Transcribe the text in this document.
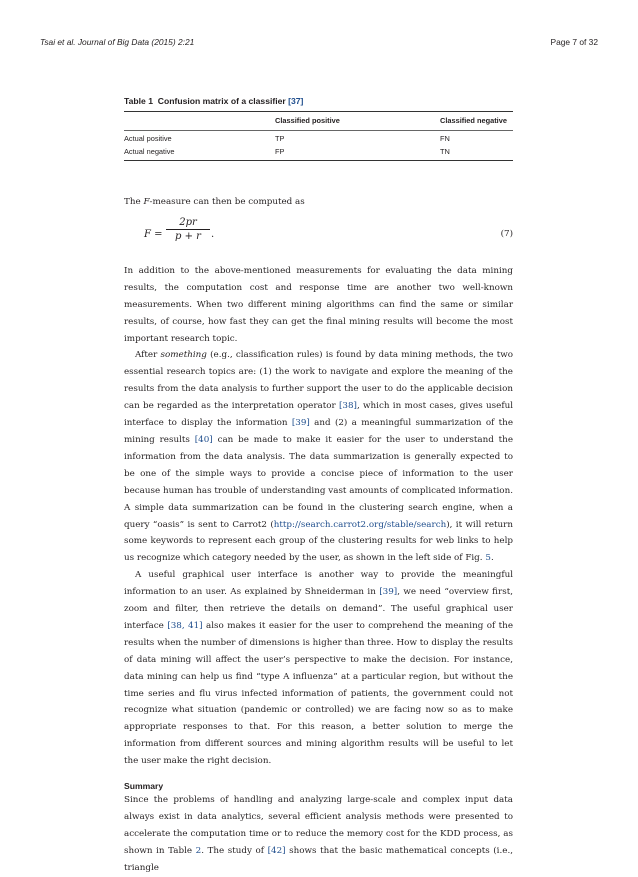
Tsai et al. Journal of Big Data (2015) 2:21	Page 7 of 32
Table 1 Confusion matrix of a classifier [37]
	Classified positive	Classified negative
Actual positive	TP	FN
Actual negative	FP	TN

The F-measure can then be computed as

$F = \frac{2pr}{p + r}$ .	(7)

In addition to the above-mentioned measurements for evaluating the data mining results, the computation cost and response time are another two well-known measurements. When two different mining algorithms can find the same or similar results, of course, how fast they can get the final mining results will become the most important research topic.

After something (e.g., classification rules) is found by data mining methods, the two essential research topics are: (1) the work to navigate and explore the meaning of the results from the data analysis to further support the user to do the applicable decision can be regarded as the interpretation operator [38], which in most cases, gives useful interface to display the information [39] and (2) a meaningful summarization of the mining results [40] can be made to make it easier for the user to understand the information from the data analysis. The data summarization is generally expected to be one of the simple ways to provide a concise piece of information to the user because human has trouble of understanding vast amounts of complicated information. A simple data summarization can be found in the clustering search engine, when a query “oasis” is sent to Carrot2 (http://search.carrot2.org/stable/search), it will return some keywords to represent each group of the clustering results for web links to help us recognize which category needed by the user, as shown in the left side of Fig. 5.

A useful graphical user interface is another way to provide the meaningful information to an user. As explained by Shneiderman in [39], we need “overview first, zoom and filter, then retrieve the details on demand”. The useful graphical user interface [38, 41] also makes it easier for the user to comprehend the meaning of the results when the number of dimensions is higher than three. How to display the results of data mining will affect the user’s perspective to make the decision. For instance, data mining can help us find “type A influenza” at a particular region, but without the time series and flu virus infected information of patients, the government could not recognize what situation (pandemic or controlled) we are facing now so as to make appropriate responses to that. For this reason, a better solution to merge the information from different sources and mining algorithm results will be useful to let the user make the right decision.

Summary

Since the problems of handling and analyzing large-scale and complex input data always exist in data analytics, several efficient analysis methods were presented to accelerate the computation time or to reduce the memory cost for the KDD process, as shown in Table 2. The study of [42] shows that the basic mathematical concepts (i.e., triangle
